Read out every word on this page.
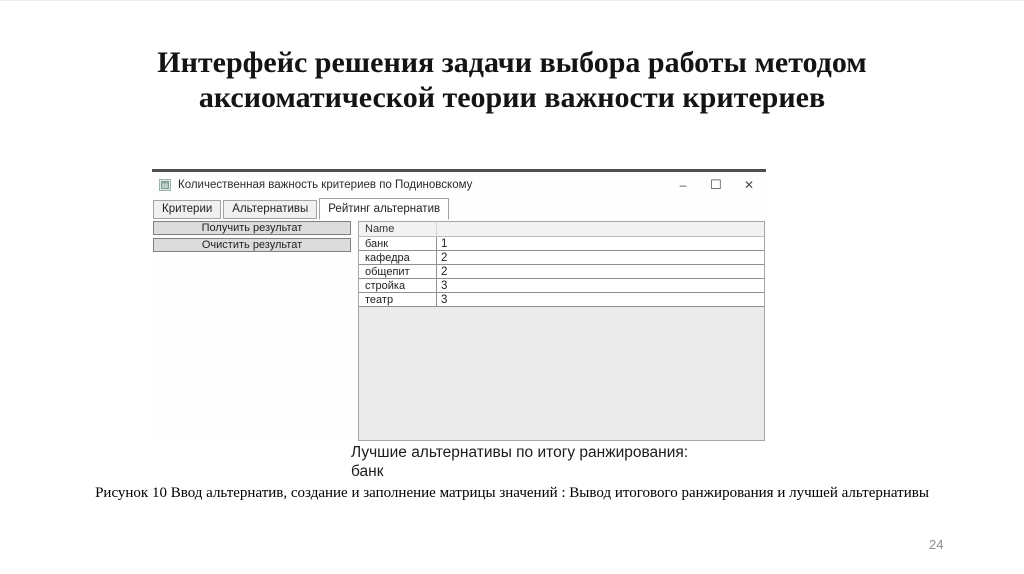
Интерфейс решения задачи выбора работы методом
аксиоматической теории важности критериев
Количественная важность критериев по Подиновскому	– ☐ ✕
Критерии	Альтернативы	Рейтинг альтернатив
Получить результат
Очистить результат
Name
банк	1
кафедра	2
общепит	2
стройка	3
театр	3
Лучшие альтернативы по итогу ранжирования:
банк
Рисунок 10 Ввод альтернатив, создание и заполнение матрицы значений : Вывод итогового ранжирования и лучшей альтернативы
24
